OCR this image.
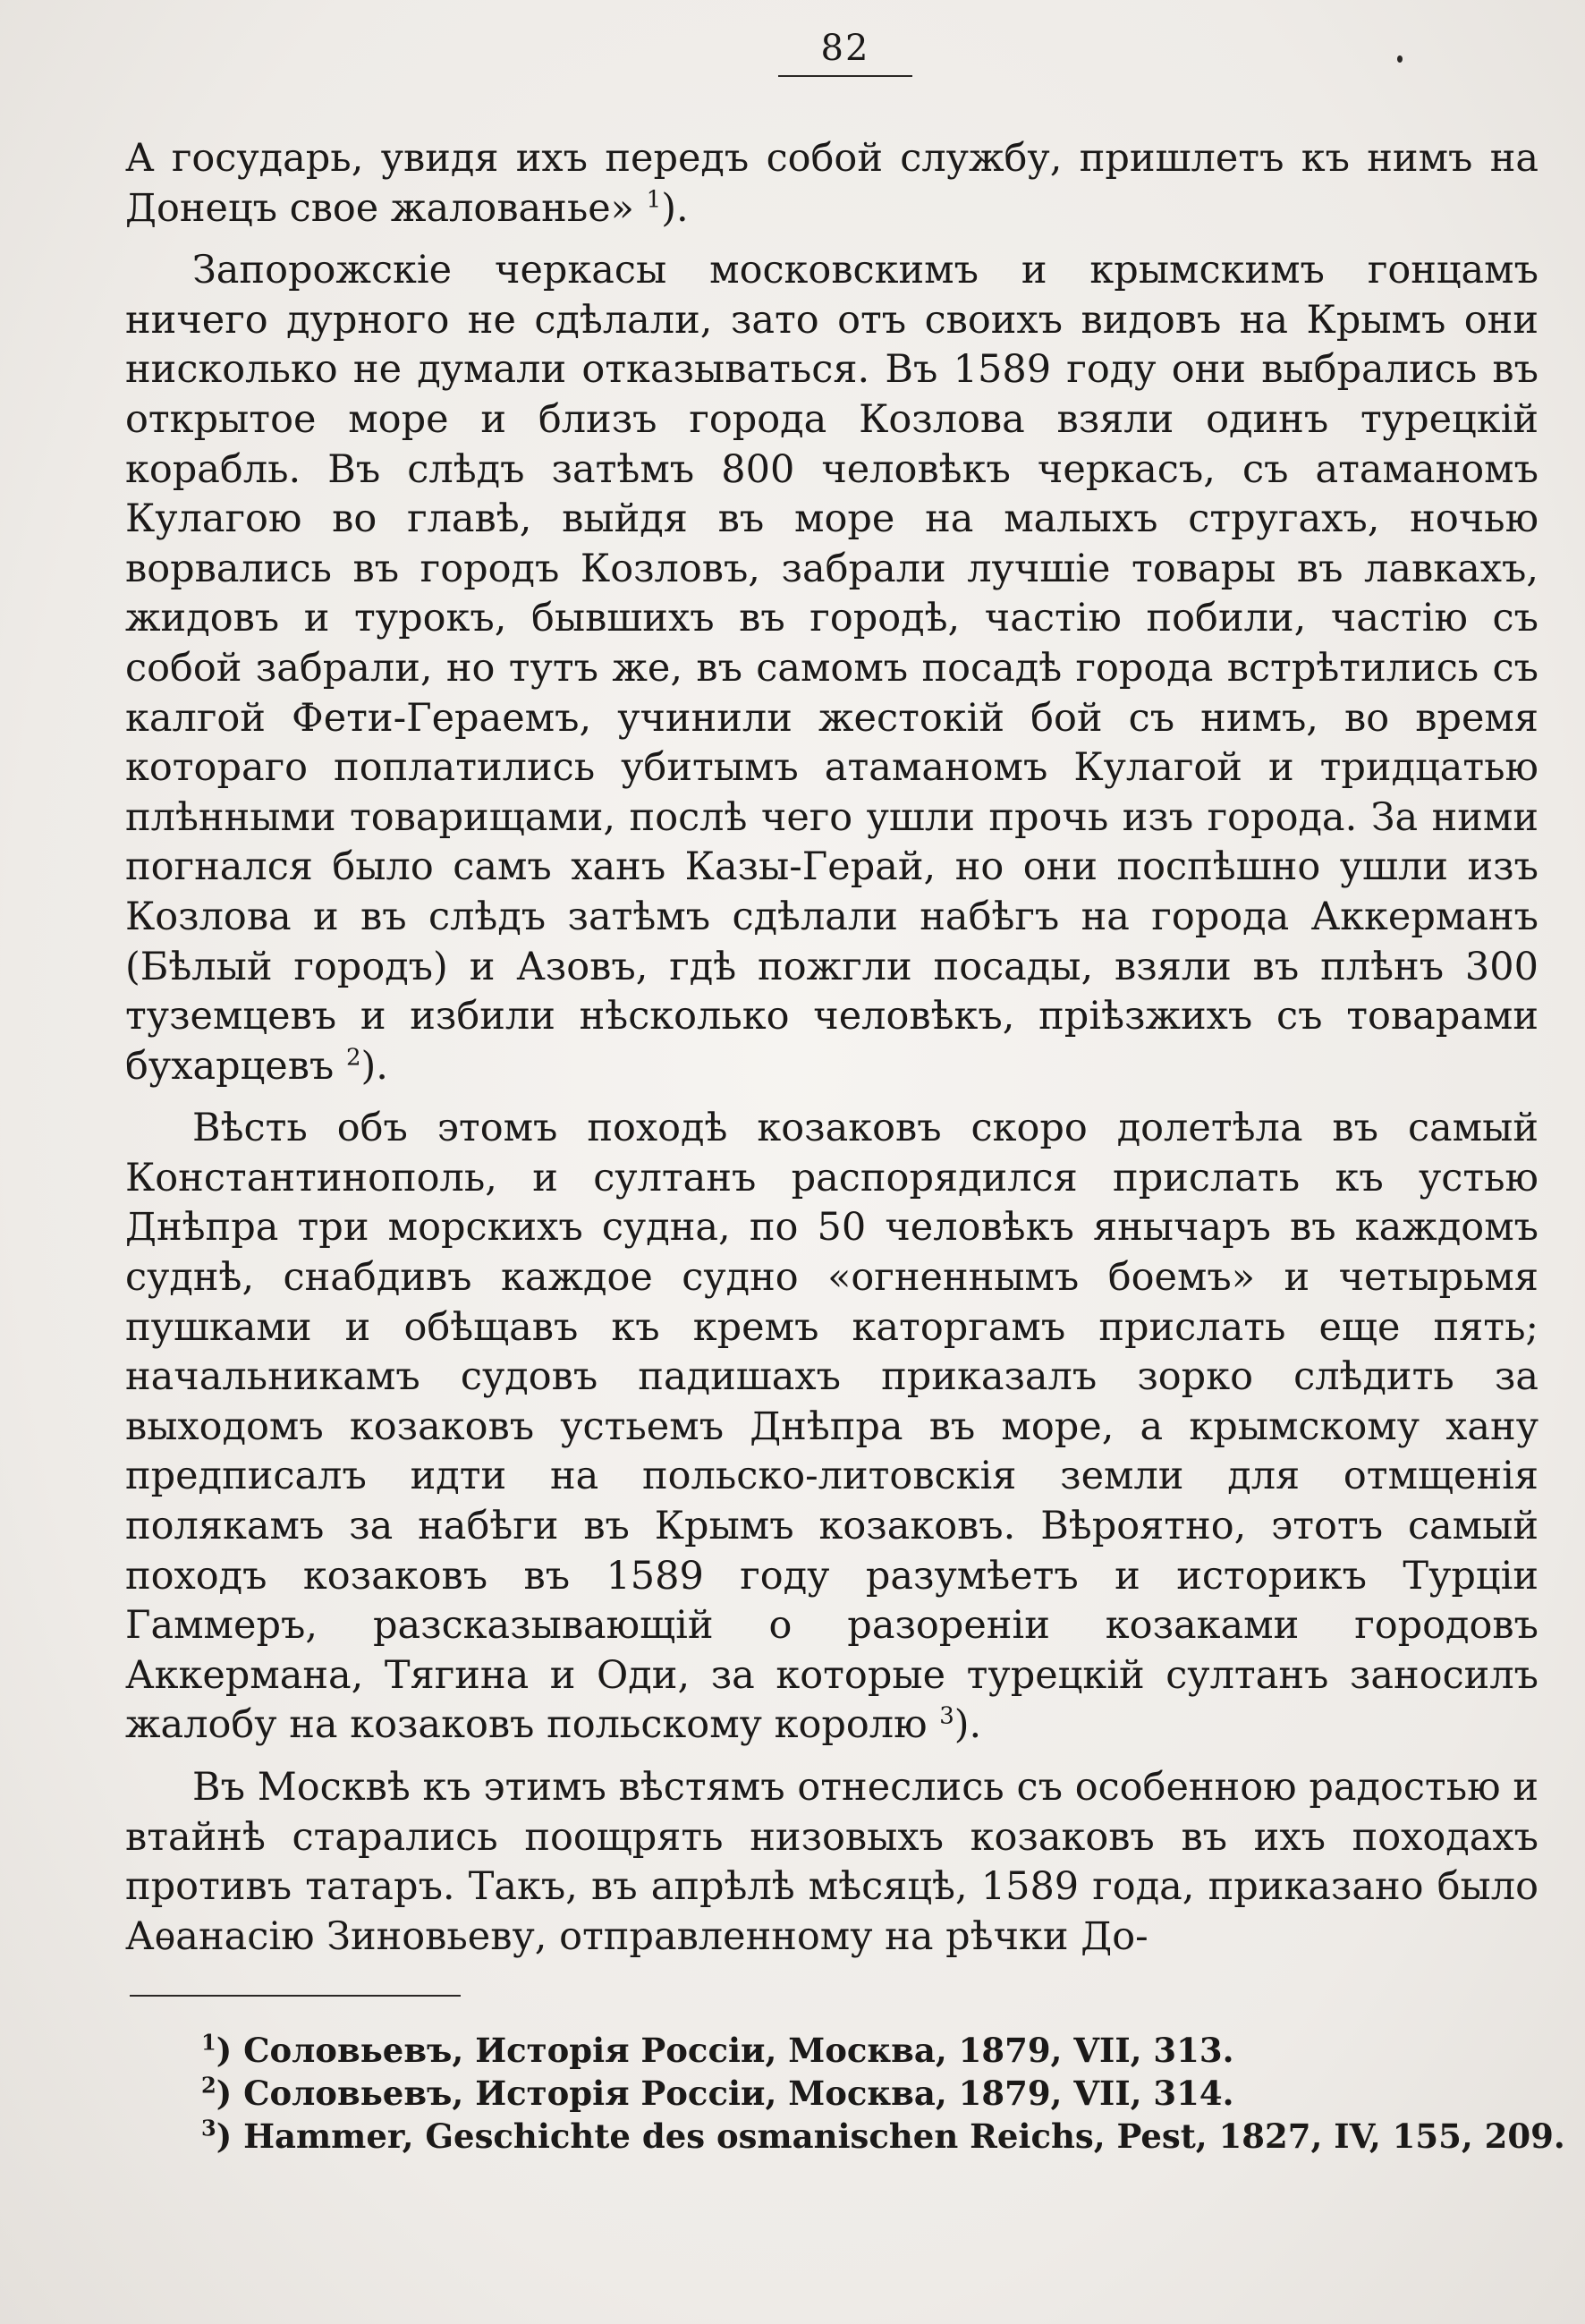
82

А государь, увидя ихъ передъ собой службу, пришлетъ къ нимъ на Донецъ свое жалованье» $^1$).

Запорожскіе черкасы московскимъ и крымскимъ гонцамъ ничего дурного не сдѣлали, зато отъ своихъ видовъ на Крымъ они нисколько не думали отказываться. Въ 1589 году они выбрались въ открытое море и близъ города Козлова взяли одинъ турецкій корабль. Въ слѣдъ затѣмъ 800 человѣкъ черкасъ, съ атаманомъ Кулагою во главѣ, выйдя въ море на малыхъ стругахъ, ночью ворвались въ городъ Козловъ, забрали лучшіе товары въ лавкахъ, жидовъ и турокъ, бывшихъ въ городѣ, частію побили, частію съ собой забрали, но тутъ же, въ самомъ посадѣ города встрѣтились съ калгой Фети-Гераемъ, учинили жестокій бой съ нимъ, во время котораго поплатились убитымъ атаманомъ Кулагой и тридцатью плѣнными товарищами, послѣ чего ушли прочь изъ города. За ними погнался было самъ ханъ Казы-Герай, но они поспѣшно ушли изъ Козлова и въ слѣдъ затѣмъ сдѣлали набѣгъ на города Аккерманъ (Бѣлый городъ) и Азовъ, гдѣ пожгли посады, взяли въ плѣнъ 300 туземцевъ и избили нѣсколько человѣкъ, пріѣзжихъ съ товарами бухарцевъ $^2$).

Вѣсть объ этомъ походѣ козаковъ скоро долетѣла въ самый Константинополь, и султанъ распорядился прислать къ устью Днѣпра три морскихъ судна, по 50 человѣкъ янычаръ въ каждомъ суднѣ, снабдивъ каждое судно «огненнымъ боемъ» и четырьмя пушками и обѣщавъ къ кремъ каторгамъ прислать еще пять; начальникамъ судовъ падишахъ приказалъ зорко слѣдить за выходомъ козаковъ устьемъ Днѣпра въ море, а крымскому хану предписалъ идти на польско-литовскія земли для отмщенія полякамъ за набѣги въ Крымъ козаковъ. Вѣроятно, этотъ самый походъ козаковъ въ 1589 году разумѣетъ и историкъ Турціи Гаммеръ, разсказывающій о разореніи козаками городовъ Аккермана, Тягина и Оди, за которые турецкій султанъ заносилъ жалобу на козаковъ польскому королю $^3$).

Въ Москвѣ къ этимъ вѣстямъ отнеслись съ особенною радостью и втайнѣ старались поощрять низовыхъ козаковъ въ ихъ походахъ противъ татаръ. Такъ, въ апрѣлѣ мѣсяцѣ, 1589 года, приказано было Аѳанасію Зиновьеву, отправленному на рѣчки До-

$^1$) Соловьевъ, Исторія Россіи, Москва, 1879, VII, 313.
$^2$) Соловьевъ, Исторія Россіи, Москва, 1879, VII, 314.
$^3$) Hammer, Geschichte des osmanischen Reichs, Pest, 1827, IV, 155, 209.
